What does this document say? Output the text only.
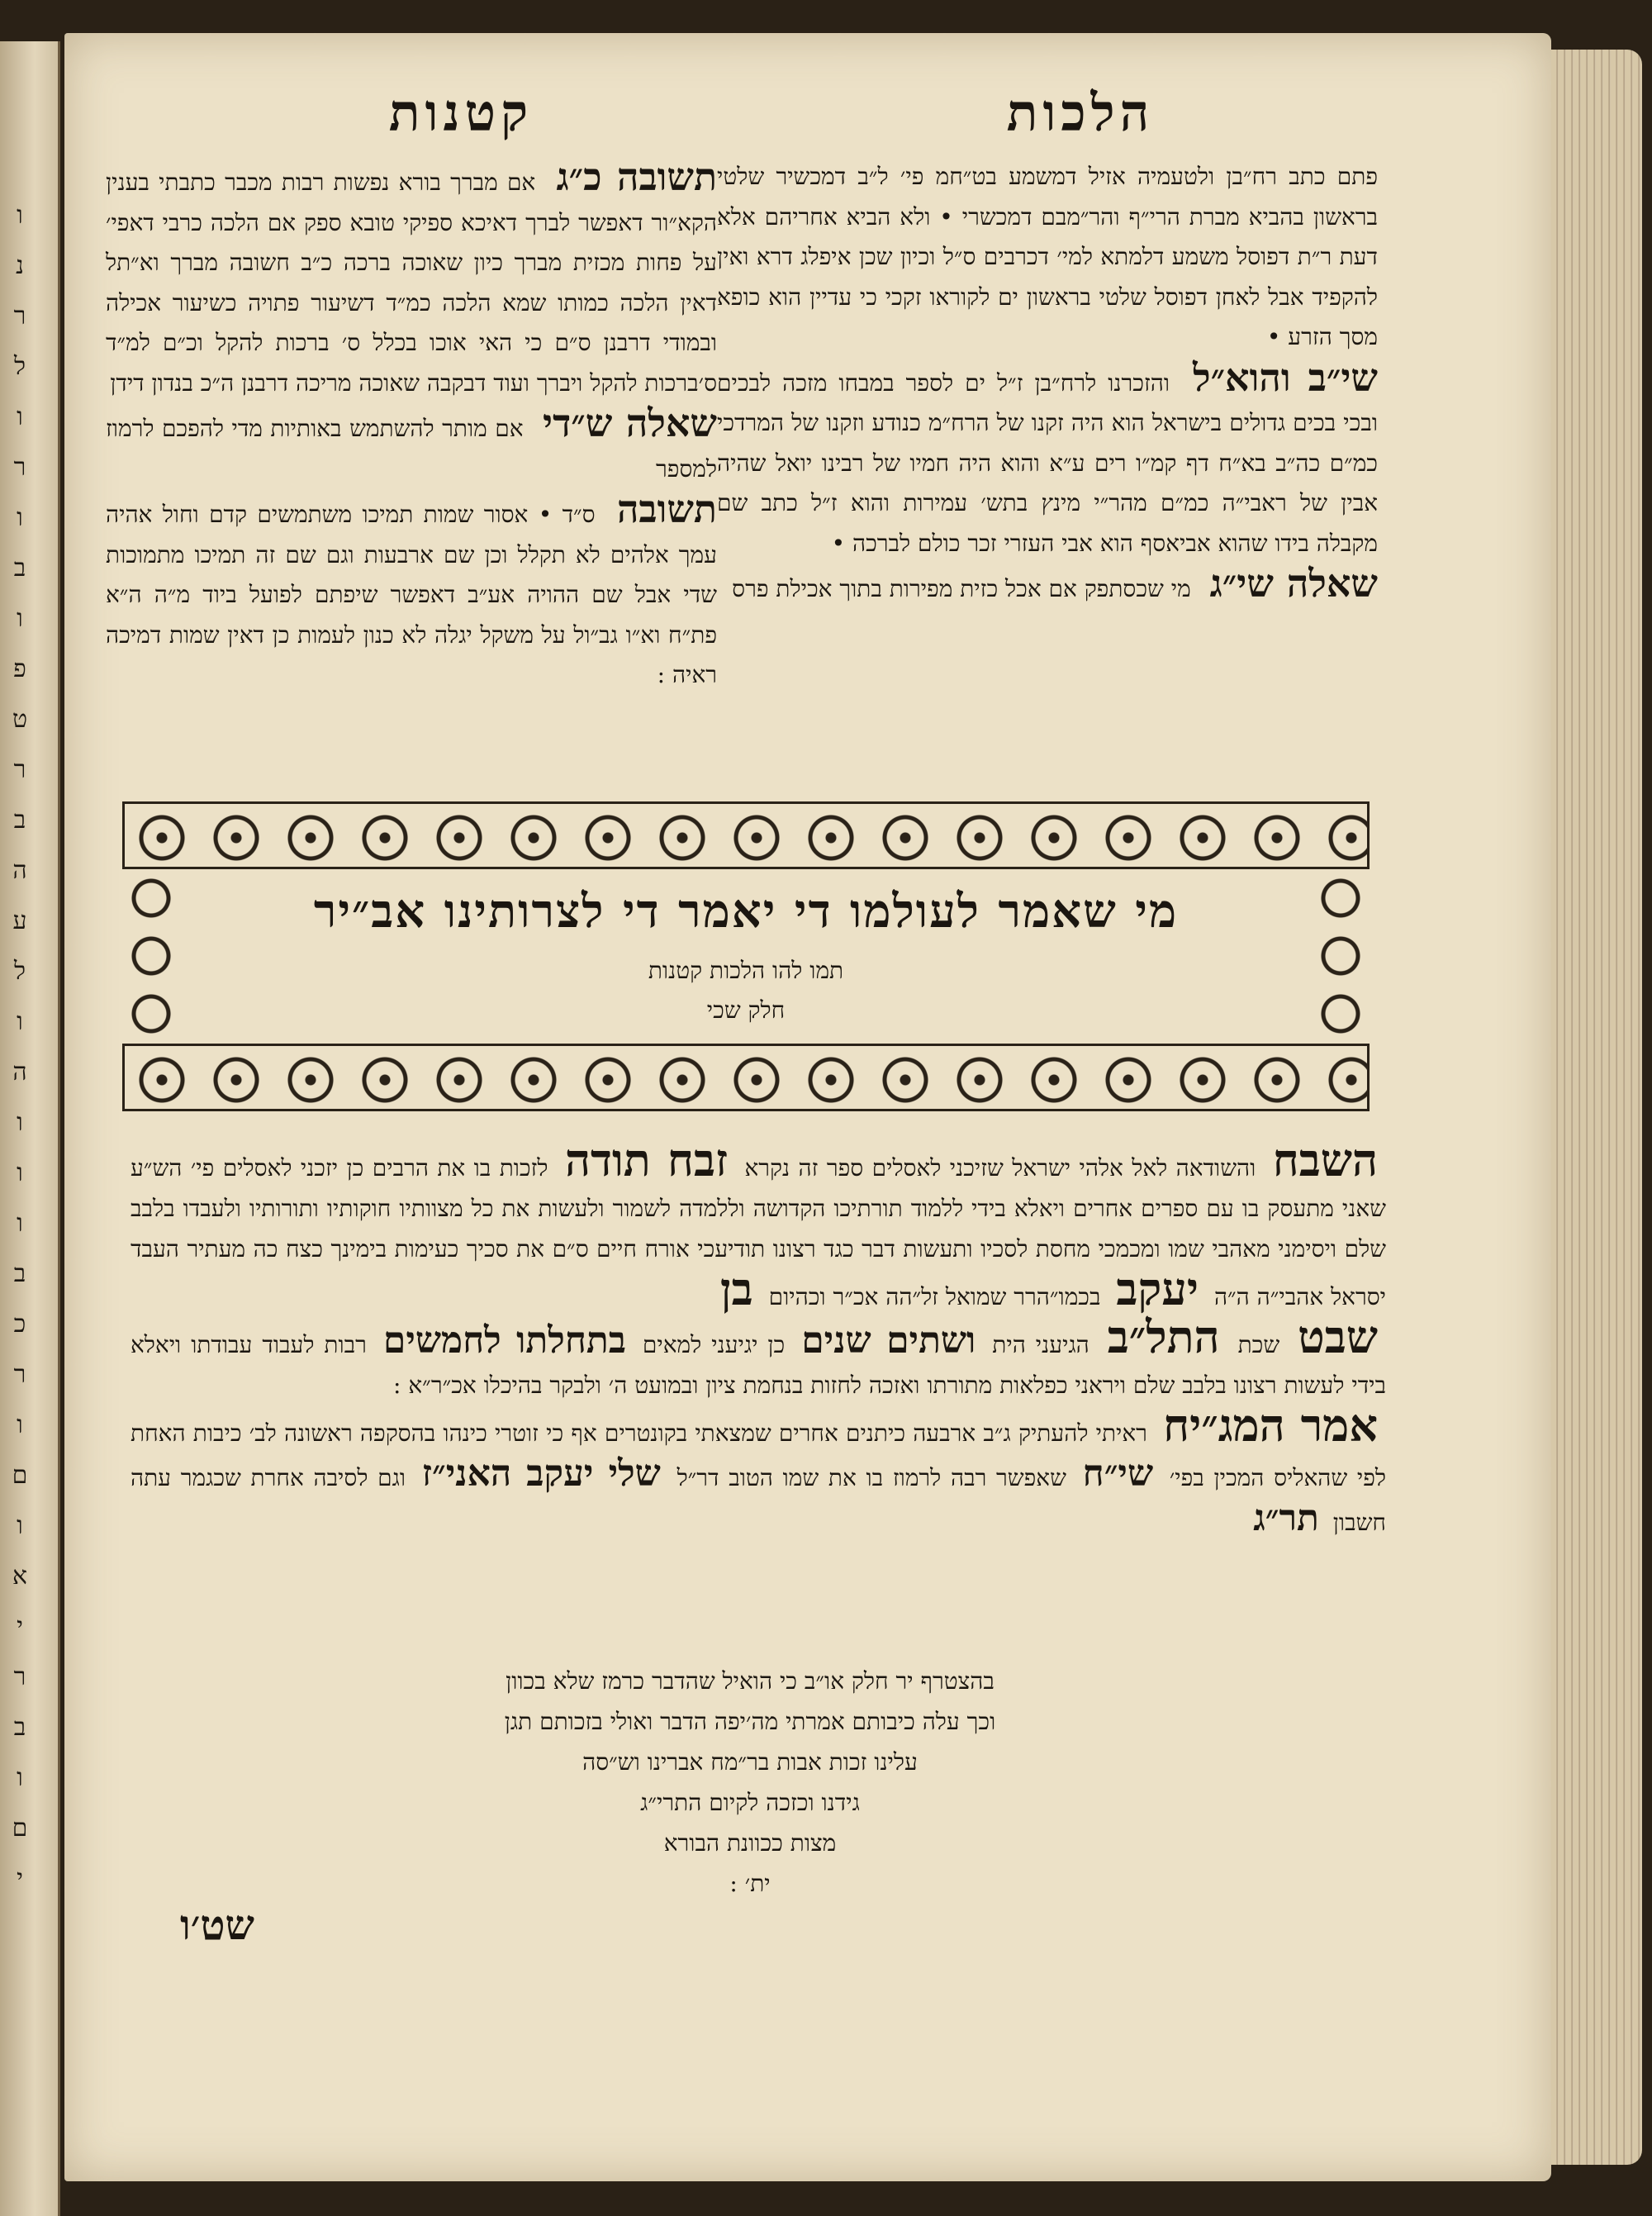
ו
נ
ר
ל
ו
ר
ו
ב
ו
פ
ט
ר
ב
ה
ע
ל
ו
ה
ו
ו
ו
ב
כ
ר
ו
ם
ו
א
י
ר
ב
ו
ם
י
הלכות
קטנות
פתם כתב רח״בן ולטעמיה אזיל דמשמע בט״חמ פי׳ ל״ב דמכשיר שלטי בראשון בהביא מברת הרי״ף והר״מבם דמכשרי • ולא הביא אחריהם אלא דעת ר״ת דפוסל משמע דלמתא למי׳ דכרבים ס״ל וכיון שכן איפלג דרא ואין להקפיד אבל לאחן דפוסל שלטי בראשון ים לקוראו זקכי כי עדיין הוא כופא מסך הזרע •
שי״ב והוא״ל והזכרנו לרח״בן ז״ל ים לספר במבחו מזכה לבכים ובכי בכים גדולים בישראל הוא היה זקנו של הרח״מ כנודע וזקנו של המרדכי כמ״ם כה״ב בא״ח דף קמ״ו רים ע״א והוא היה חמיו של רבינו יואל שהיה אבין של ראבי״ה כמ״ם מהר״י מינץ בתש׳ עמירות והוא ז״ל כתב שם מקבלה בידו שהוא אביאסף הוא אבי העזרי זכר כולם לברכה •
שאלה שי״ג מי שכסתפק אם אכל כזית מפירות בתוך אכילת פרס
תשובה כ״ג אם מברך בורא נפשות רבות מכבר כתבתי בענין הקא״ור דאפשר לברך דאיכא ספיקי טובא ספק אם הלכה כרבי דאפי׳ על פחות מכזית מברך כיון שאוכה ברכה כ״ב חשובה מברך וא״תל דאין הלכה כמותו שמא הלכה כמ״ד דשיעור פתויה כשיעור אכילה ובמודי דרבנן ס״ם כי האי אוכו בכלל ס׳ ברכות להקל וכ״ם למ״ד ס׳ברכות להקל ויברך ועוד דבקבה שאוכה מריכה דרבנן ה״כ בנדון דידן
שאלה ש״די אם מותר להשתמש באותיות מדי להפכם לרמוז למספר
תשובה ס״ד • אסור שמות תמיכו משתמשים קדם וחול אהיה עמך אלהים לא תקלל וכן שם ארבעות וגם שם זה תמיכו מתמוכות שדי אבל שם ההויה אע״ב דאפשר שיפתם לפועל ביוד מ״ה ה״א פת״ח וא״ו גב״ול על משקל יגלה לא כנון לעמות כן דאין שמות דמיכה ראיה :
מי שאמר לעולמו די יאמר די לצרותינו אב״יר
תמו להו הלכות קטנות
חלק שכי
השבח והשודאה לאל אלהי ישראל שזיכני לאסלים ספר זה נקרא זבח תודה לזכות בו את הרבים כן יזכני לאסלים פי׳ הש״ע שאני מתעסק בו עם ספרים אחרים ויאלא בידי ללמוד תורתיכו הקדושה וללמדה לשמור ולעשות את כל מצוותיו חוקותיו ותורותיו ולעבדו בלבב שלם ויסימני מאהבי שמו ומכמכי מחסת לסכיו ותעשות דבר כגד רצונו תודיעכי אורח חיים ס״ם את סכיך כעימות בימינך כצח כה מעתיר העבד יסראל אהבי״ה ה״ה יעקב בכמו״הרר שמואל זל״הה אכ״ר וכהיום בן
שבט שכת התל״ב הגיעני הית ושתים שנים כן יגיעני למאים בתחלתו לחמשים רבות לעבוד עבודתו ויאלא בידי לעשות רצונו בלבב שלם ויראני כפלאות מתורתו ואזכה לחזות בנחמת ציון ובמועט ה׳ ולבקר בהיכלו אכ״ר״א :
אמר המג״יח ראיתי להעתיק ג״ב ארבעה כיתנים אחרים שמצאתי בקונטרים אף כי זוטרי כינהו בהסקפה ראשונה לב׳ כיבות האחת לפי שהאליס המכין בפי׳ שי״ח שאפשר רבה לרמוז בו את שמו הטוב דר״ל שלי יעקב האני״ז וגם לסיבה אחרת שכגמר עתה חשבון תר״ג
בהצטרף יר חלק או״ב כי הואיל שהדבר כרמז שלא בכוון
וכך עלה כיבותם אמרתי מה׳יפה הדבר ואולי בזכותם תגן
עלינו זכות אבות בר״מח אברינו וש״סה
גידנו וכזכה לקיום התרי״ג
מצות ככוונת הבורא
ית׳ :
שט׳ו
